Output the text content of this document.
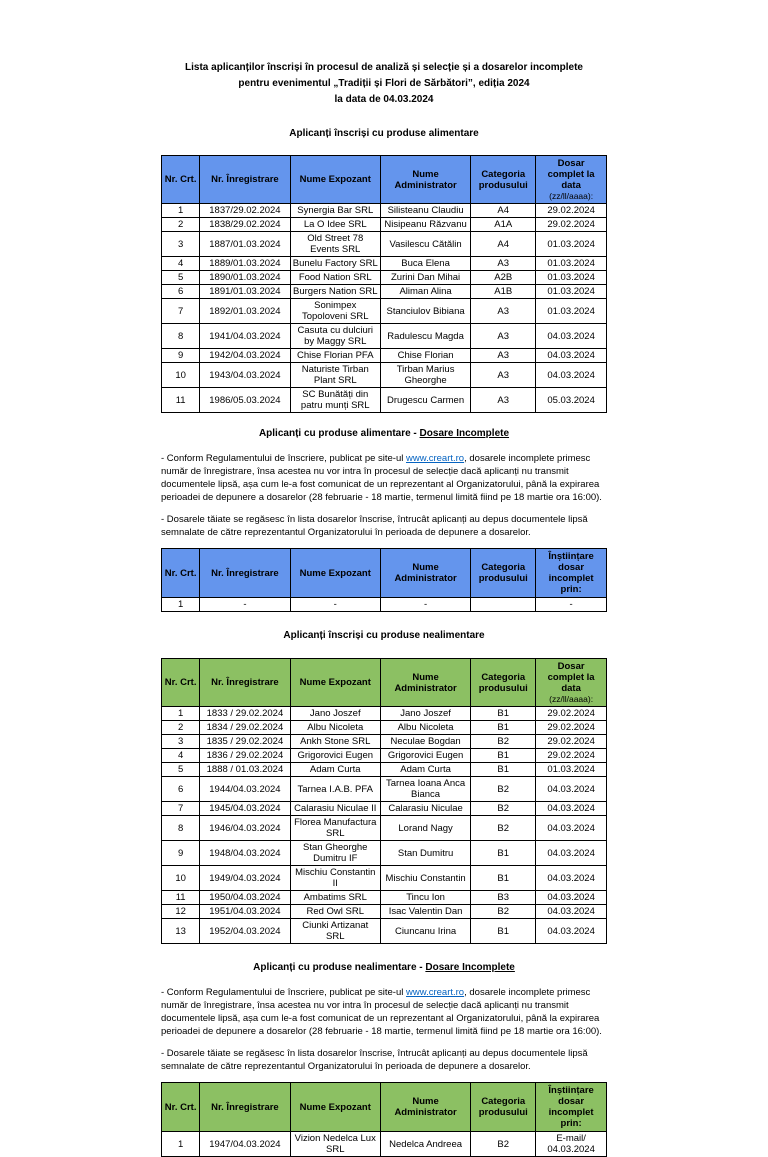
Lista aplicanților înscriși în procesul de analiză și selecție și a dosarelor incomplete
pentru evenimentul „Tradiții și Flori de Sărbători”, ediția 2024
la data de 04.03.2024
Aplicanți înscriși cu produse alimentare
Nr. Crt.	Nr. Înregistrare	Nume Expozant	Nume Administrator	Categoria produsului	Dosar complet la data
(zz/ll/aaaa):

1	1837/29.02.2024	Synergia Bar SRL	Silisteanu Claudiu	A4	29.02.2024
2	1838/29.02.2024	La O Idee SRL	Nisipeanu Răzvanu	A1A	29.02.2024
3	1887/01.03.2024	Old Street 78 Events SRL	Vasilescu Cătălin	A4	01.03.2024
4	1889/01.03.2024	Bunelu Factory SRL	Buca Elena	A3	01.03.2024
5	1890/01.03.2024	Food Nation SRL	Zurini Dan Mihai	A2B	01.03.2024
6	1891/01.03.2024	Burgers Nation SRL	Aliman Alina	A1B	01.03.2024
7	1892/01.03.2024	Sonimpex Topoloveni SRL	Stanciulov Bibiana	A3	01.03.2024
8	1941/04.03.2024	Casuta cu dulciuri by Maggy SRL	Radulescu Magda	A3	04.03.2024
9	1942/04.03.2024	Chise Florian PFA	Chise Florian	A3	04.03.2024
10	1943/04.03.2024	Naturiste Tirban Plant SRL	Tirban Marius Gheorghe	A3	04.03.2024
11	1986/05.03.2024	SC Bunătăți din patru munți SRL	Drugescu Carmen	A3	05.03.2024
Aplicanți cu produse alimentare - Dosare Incomplete

- Conform Regulamentului de înscriere, publicat pe site-ul www.creart.ro, dosarele incomplete primesc număr de înregistrare, însa acestea nu vor intra în procesul de selecție dacă aplicanți nu transmit documentele lipsă, așa cum le-a fost comunicat de un reprezentant al Organizatorului, până la expirarea perioadei de depunere a dosarelor (28 februarie - 18 martie, termenul limită fiind pe 18 martie ora 16:00).

- Dosarele tăiate se regăsesc în lista dosarelor înscrise, întrucât aplicanți au depus documentele lipsă semnalate de către reprezentantul Organizatorului în perioada de depunere a dosarelor.

Nr. Crt.	Nr. Înregistrare	Nume Expozant	Nume Administrator	Categoria produsului	Înștiințare dosar incomplet prin:
1	-	-	-		-
Aplicanți înscriși cu produse nealimentare
Nr. Crt.	Nr. Înregistrare	Nume Expozant	Nume Administrator	Categoria produsului	Dosar complet la data
(zz/ll/aaaa):

1	1833 / 29.02.2024	Jano Joszef	Jano Joszef	B1	29.02.2024
2	1834 / 29.02.2024	Albu Nicoleta	Albu Nicoleta	B1	29.02.2024
3	1835 / 29.02.2024	Ankh Stone SRL	Neculae Bogdan	B2	29.02.2024
4	1836 / 29.02.2024	Grigorovici Eugen	Grigorovici Eugen	B1	29.02.2024
5	1888 / 01.03.2024	Adam Curta	Adam Curta	B1	01.03.2024
6	1944/04.03.2024	Tarnea I.A.B. PFA	Tarnea Ioana Anca Bianca	B2	04.03.2024
7	1945/04.03.2024	Calarasiu Niculae II	Calarasiu Niculae	B2	04.03.2024
8	1946/04.03.2024	Florea Manufactura SRL	Lorand Nagy	B2	04.03.2024
9	1948/04.03.2024	Stan Gheorghe Dumitru IF	Stan Dumitru	B1	04.03.2024
10	1949/04.03.2024	Mischiu Constantin II	Mischiu Constantin	B1	04.03.2024
11	1950/04.03.2024	Ambatims SRL	Tincu Ion	B3	04.03.2024
12	1951/04.03.2024	Red Owl SRL	Isac Valentin Dan	B2	04.03.2024
13	1952/04.03.2024	Ciunki Artizanat SRL	Ciuncanu Irina	B1	04.03.2024
Aplicanți cu produse nealimentare - Dosare Incomplete

- Conform Regulamentului de înscriere, publicat pe site-ul www.creart.ro, dosarele incomplete primesc număr de înregistrare, însa acestea nu vor intra în procesul de selecție dacă aplicanți nu transmit documentele lipsă, așa cum le-a fost comunicat de un reprezentant al Organizatorului, până la expirarea perioadei de depunere a dosarelor (28 februarie - 18 martie, termenul limită fiind pe 18 martie ora 16:00).

- Dosarele tăiate se regăsesc în lista dosarelor înscrise, întrucât aplicanți au depus documentele lipsă semnalate de către reprezentantul Organizatorului în perioada de depunere a dosarelor.

Nr. Crt.	Nr. Înregistrare	Nume Expozant	Nume Administrator	Categoria produsului	Înștiințare dosar incomplet prin:
1	1947/04.03.2024	Vizion Nedelca Lux SRL	Nedelca Andreea	B2	E-mail/ 04.03.2024
